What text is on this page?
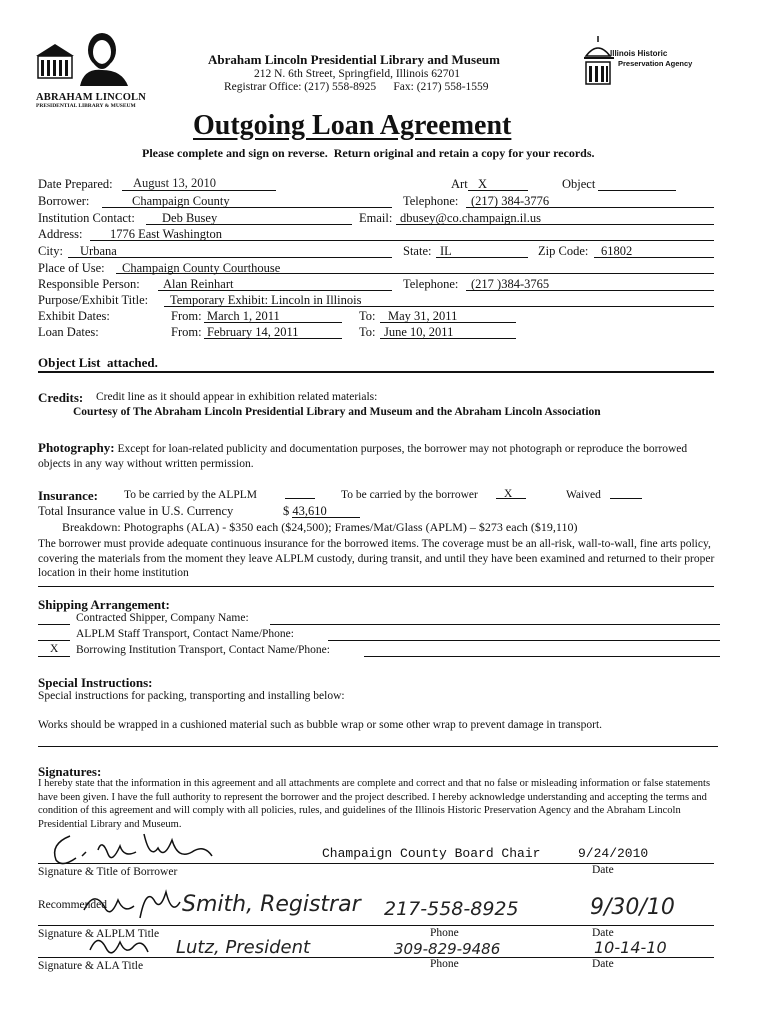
ABRAHAM LINCOLN
PRESIDENTIAL LIBRARY & MUSEUM
Abraham Lincoln Presidential Library and Museum
212 N. 6th Street, Springfield, Illinois 62701
Registrar Office: (217) 558-8925      Fax: (217) 558-1559
Illinois Historic
Preservation Agency
Outgoing Loan Agreement
Please complete and sign on reverse.  Return original and retain a copy for your records.
Date Prepared: August 13, 2010	Art X	Object
Borrower:	Champaign County	Telephone: (217) 384-3776
Institution Contact: Deb Busey	Email: dbusey@co.champaign.il.us
Address: 1776 East Washington
City: Urbana	State: IL	Zip Code: 61802
Place of Use: Champaign County Courthouse
Responsible Person: Alan Reinhart	Telephone: (217 )384-3765
Purpose/Exhibit Title: Temporary Exhibit: Lincoln in Illinois
Exhibit Dates:	From: March 1, 2011	To: May 31, 2011
Loan Dates:	From: February 14, 2011	To: June 10, 2011
Object List  attached.
Credits: Credit line as it should appear in exhibition related materials:
Courtesy of The Abraham Lincoln Presidential Library and Museum and the Abraham Lincoln Association
Photography: Except for loan-related publicity and documentation purposes, the borrower may not photograph or reproduce the borrowed objects in any way without written permission.
Insurance: To be carried by the ALPLM	To be carried by the borrower X	Waived
Total Insurance value in U.S. Currency	$ 43,610
Breakdown: Photographs (ALA) - $350 each ($24,500); Frames/Mat/Glass (APLM) – $273 each ($19,110)
The borrower must provide adequate continuous insurance for the borrowed items. The coverage must be an all-risk, wall-to-wall, fine arts policy, covering the materials from the moment they leave ALPLM custody, during transit, and until they have been examined and returned to their proper location in their home institution
Shipping Arrangement:
Contracted Shipper, Company Name:
ALPLM Staff Transport, Contact Name/Phone:
X Borrowing Institution Transport, Contact Name/Phone:
Special Instructions:
Special instructions for packing, transporting and installing below:
Works should be wrapped in a cushioned material such as bubble wrap or some other wrap to prevent damage in transport.
Signatures:
I hereby state that the information in this agreement and all attachments are complete and correct and that no false or misleading information or false statements have been given. I have the full authority to represent the borrower and the project described. I hereby acknowledge understanding and accepting the terms and condition of this agreement and will comply with all policies, rules, and guidelines of the Illinois Historic Preservation Agency and the Abraham Lincoln Presidential Library and Museum.
Champaign County Board Chair	9/24/2010
Signature & Title of Borrower	Date
Recommended	Smith, Registrar 217-558-8925	9/30/10
Signature & ALPLM Title	Phone	Date
Lutz, President	309-829-9486	10-14-10
Signature & ALA Title	Phone	Date
